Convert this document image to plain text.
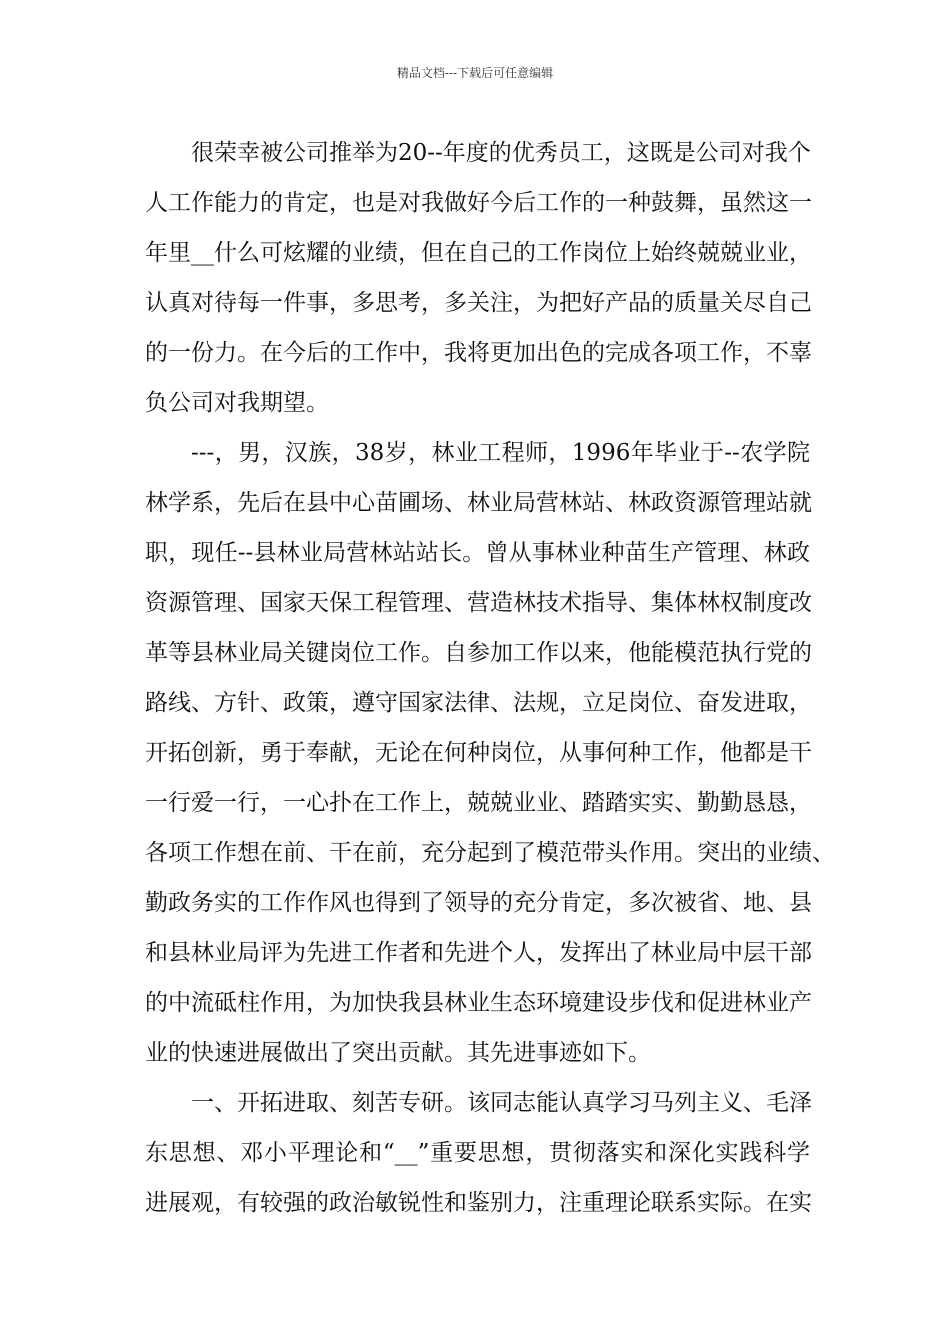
精品文档---下载后可任意编辑
很荣幸被公司推举为20--年度的优秀员工，这既是公司对我个
人工作能力的肯定，也是对我做好今后工作的一种鼓舞，虽然这一
年里__什么可炫耀的业绩，但在自己的工作岗位上始终兢兢业业，
认真对待每一件事，多思考，多关注，为把好产品的质量关尽自己
的一份力。在今后的工作中，我将更加出色的完成各项工作，不辜
负公司对我期望。
---，男，汉族，38岁，林业工程师，1996年毕业于--农学院
林学系，先后在县中心苗圃场、林业局营林站、林政资源管理站就
职，现任--县林业局营林站站长。曾从事林业种苗生产管理、林政
资源管理、国家天保工程管理、营造林技术指导、集体林权制度改
革等县林业局关键岗位工作。自参加工作以来，他能模范执行党的
路线、方针、政策，遵守国家法律、法规，立足岗位、奋发进取，
开拓创新，勇于奉献，无论在何种岗位，从事何种工作，他都是干
一行爱一行，一心扑在工作上，兢兢业业、踏踏实实、勤勤恳恳，
各项工作想在前、干在前，充分起到了模范带头作用。突出的业绩、
勤政务实的工作作风也得到了领导的充分肯定，多次被省、地、县
和县林业局评为先进工作者和先进个人，发挥出了林业局中层干部
的中流砥柱作用，为加快我县林业生态环境建设步伐和促进林业产
业的快速进展做出了突出贡献。其先进事迹如下。
一、开拓进取、刻苦专研。该同志能认真学习马列主义、毛泽
东思想、邓小平理论和“__”重要思想，贯彻落实和深化实践科学
进展观，有较强的政治敏锐性和鉴别力，注重理论联系实际。在实
